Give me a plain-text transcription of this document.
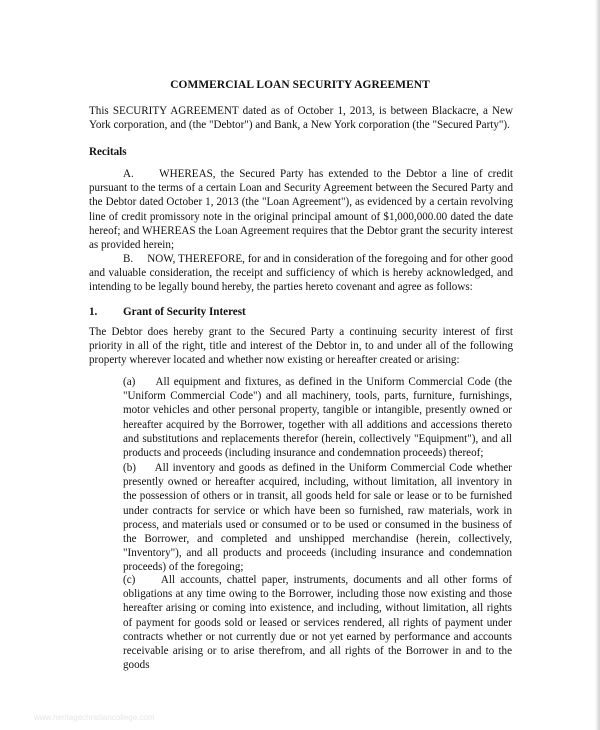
COMMERCIAL LOAN SECURITY AGREEMENT

This SECURITY AGREEMENT dated as of October 1, 2013, is between Blackacre, a New York corporation, and (the "Debtor") and Bank, a New York corporation (the "Secured Party").

Recitals

A.     WHEREAS, the Secured Party has extended to the Debtor a line of credit pursuant to the terms of a certain Loan and Security Agreement between the Secured Party and the Debtor dated October 1, 2013 (the "Loan Agreement"), as evidenced by a certain revolving line of credit promissory note in the original principal amount of $1,000,000.00 dated the date hereof; and WHEREAS the Loan Agreement requires that the Debtor grant the security interest as provided herein;

B.     NOW, THEREFORE, for and in consideration of the foregoing and for other good and valuable consideration, the receipt and sufficiency of which is hereby acknowledged, and intending to be legally bound hereby, the parties hereto covenant and agree as follows:

1. Grant of Security Interest

The Debtor does hereby grant to the Secured Party a continuing security interest of first priority in all of the right, title and interest of the Debtor in, to and under all of the following property wherever located and whether now existing or hereafter created or arising:

(a)     All equipment and fixtures, as defined in the Uniform Commercial Code (the "Uniform Commercial Code") and all machinery, tools, parts, furniture, furnishings, motor vehicles and other personal property, tangible or intangible, presently owned or hereafter acquired by the Borrower, together with all additions and accessions thereto and substitutions and replacements therefor (herein, collectively "Equipment"), and all products and proceeds (including insurance and condemnation proceeds) thereof;

(b)     All inventory and goods as defined in the Uniform Commercial Code whether presently owned or hereafter acquired, including, without limitation, all inventory in the possession of others or in transit, all goods held for sale or lease or to be furnished under contracts for service or which have been so furnished, raw materials, work in process, and materials used or consumed or to be used or consumed in the business of the Borrower, and completed and unshipped merchandise (herein, collectively, "Inventory"), and all products and proceeds (including insurance and condemnation proceeds) of the foregoing;

(c)     All accounts, chattel paper, instruments, documents and all other forms of obligations at any time owing to the Borrower, including those now existing and those hereafter arising or coming into existence, and including, without limitation, all rights of payment for goods sold or leased or services rendered, all rights of payment under contracts whether or not currently due or not yet earned by performance and accounts receivable arising or to arise therefrom, and all rights of the Borrower in and to the goods

www.heritagechristiancollege.com
